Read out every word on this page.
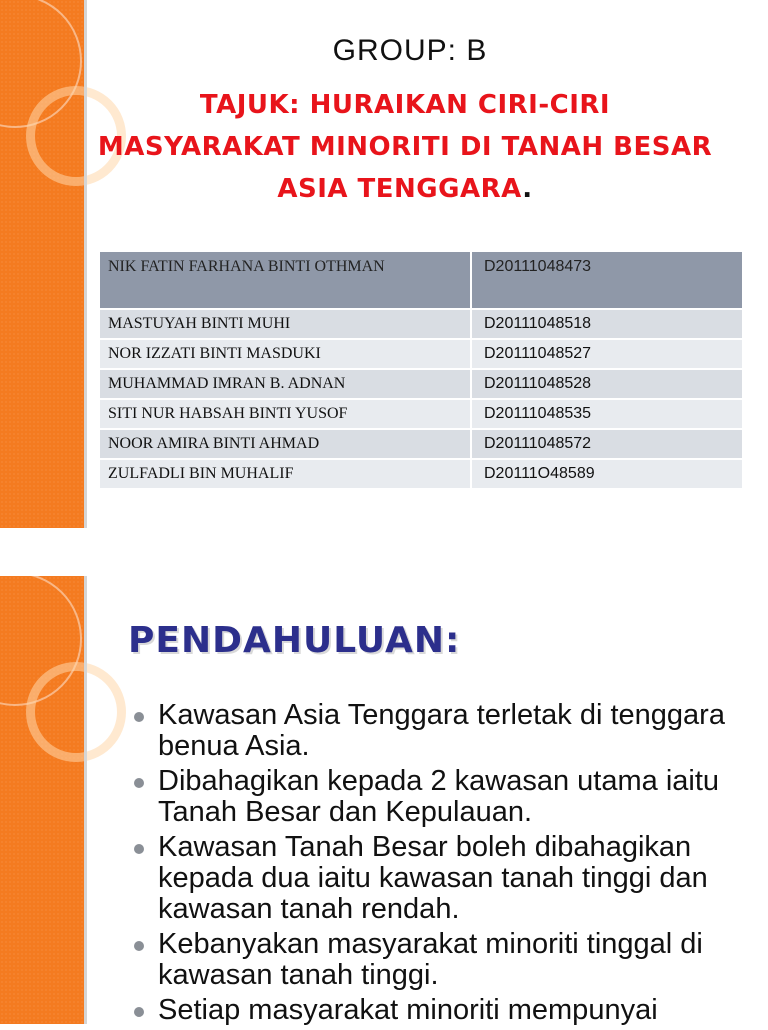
GROUP: B
TAJUK: HURAIKAN CIRI-CIRI
MASYARAKAT MINORITI DI TANAH BESAR
ASIA TENGGARA.
NIK FATIN FARHANA BINTI OTHMAN	D20111048473
MASTUYAH BINTI MUHI	D20111048518
NOR IZZATI BINTI MASDUKI	D20111048527
MUHAMMAD IMRAN B. ADNAN	D20111048528
SITI NUR HABSAH BINTI YUSOF	D20111048535
NOOR AMIRA BINTI AHMAD	D20111048572
ZULFADLI BIN MUHALIF	D20111O48589
PENDAHULUAN:
Kawasan Asia Tenggara terletak di tenggara benua Asia.
Dibahagikan kepada 2 kawasan utama iaitu Tanah Besar dan Kepulauan.
Kawasan Tanah Besar boleh dibahagikan kepada dua iaitu kawasan tanah tinggi dan kawasan tanah rendah.
Kebanyakan masyarakat minoriti tinggal di kawasan tanah tinggi.
Setiap masyarakat minoriti mempunyai
